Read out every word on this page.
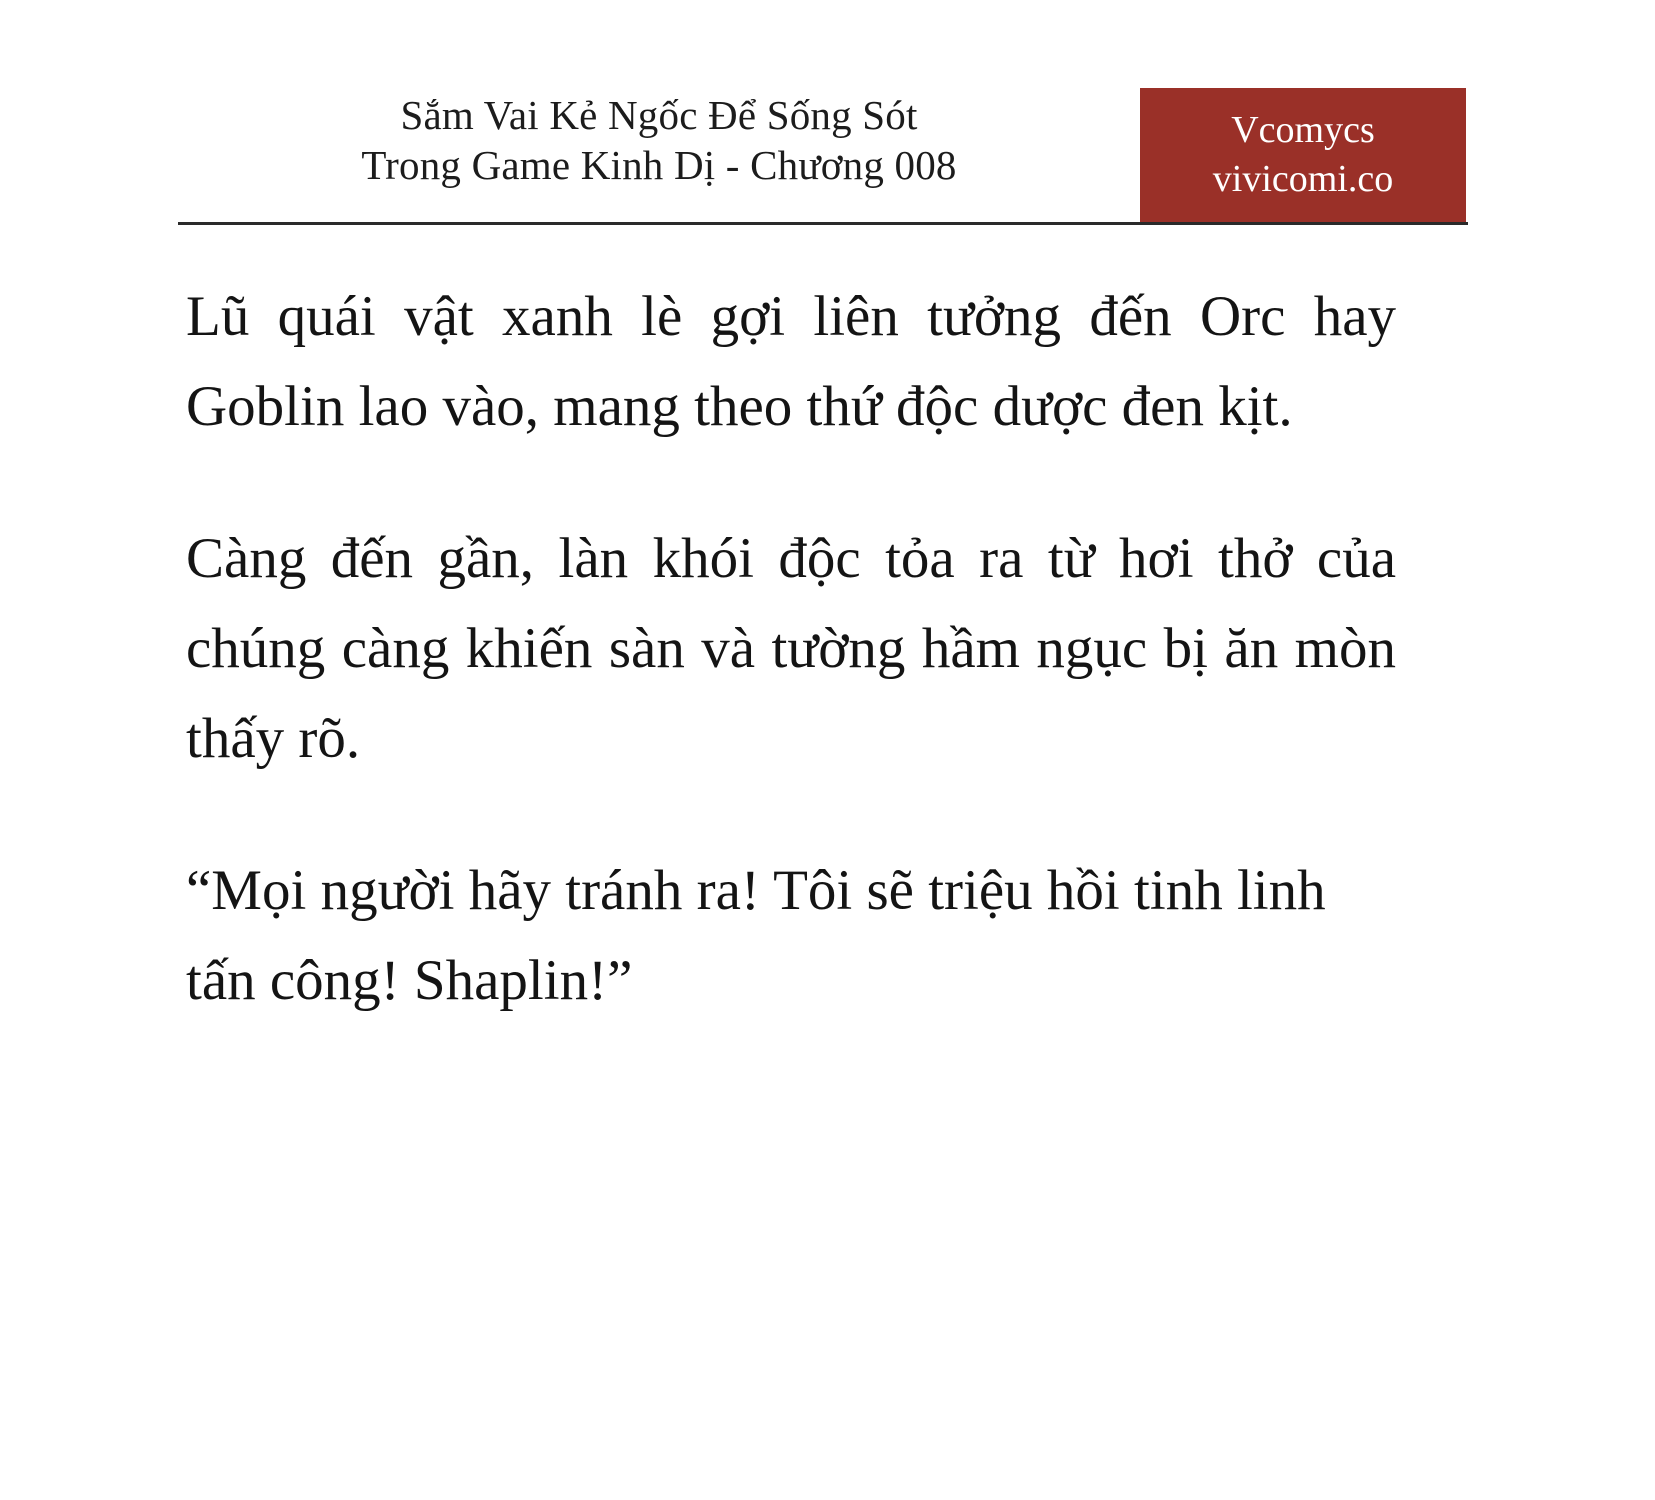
Sắm Vai Kẻ Ngốc Để Sống Sót
Trong Game Kinh Dị - Chương 008
Vcomycs
vivicomi.co

Lũ quái vật xanh lè gợi liên tưởng đến Orc hay Goblin lao vào, mang theo thứ độc dược đen kịt.

Càng đến gần, làn khói độc tỏa ra từ hơi thở của chúng càng khiến sàn và tường hầm ngục bị ăn mòn thấy rõ.

“Mọi người hãy tránh ra! Tôi sẽ triệu hồi tinh linh tấn công! Shaplin!”
